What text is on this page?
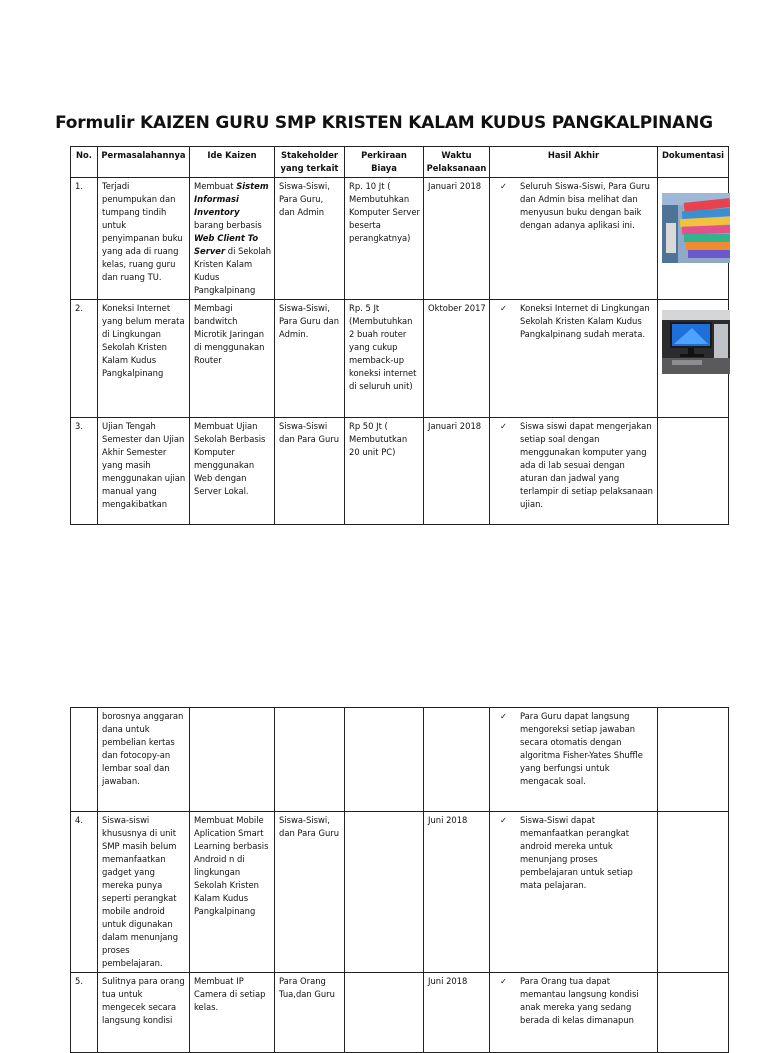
Formulir KAIZEN GURU SMP KRISTEN KALAM KUDUS PANGKALPINANG
No.	Permasalahannya	Ide Kaizen	Stakeholder yang terkait	Perkiraan Biaya	Waktu Pelaksanaan	Hasil Akhir	Dokumentasi
1.	Terjadi penumpukan dan tumpang tindih untuk penyimpanan buku yang ada di ruang kelas, ruang guru dan ruang TU.	Membuat Sistem Informasi Inventory barang berbasis Web Client To Server di Sekolah Kristen Kalam Kudus Pangkalpinang	Siswa-Siswi, Para Guru, dan Admin	Rp. 10 Jt ( Membutuhkan Komputer Server beserta perangkatnya)	Januari 2018	✓ Seluruh Siswa-Siswi, Para Guru dan Admin bisa melihat dan menyusun buku dengan baik dengan adanya aplikasi ini.

2.	Koneksi Internet yang belum merata di Lingkungan Sekolah Kristen Kalam Kudus Pangkalpinang	Membagi bandwitch Microtik Jaringan di menggunakan Router	Siswa-Siswi, Para Guru dan Admin.	Rp. 5 Jt (Membutuhkan 2 buah router yang cukup memback-up koneksi internet di seluruh unit)	Oktober 2017	✓ Koneksi Internet di Lingkungan Sekolah Kristen Kalam Kudus Pangkalpinang sudah merata.

3.	Ujian Tengah Semester dan Ujian Akhir Semester yang masih menggunakan ujian manual yang mengakibatkan	Membuat Ujian Sekolah Berbasis Komputer menggunakan Web dengan Server Lokal.	Siswa-Siswi dan Para Guru	Rp 50 Jt ( Membututkan 20 unit PC)	Januari 2018	✓ Siswa siswi dapat mengerjakan setiap soal dengan menggunakan komputer yang ada di lab sesuai dengan aturan dan jadwal yang terlampir di setiap pelaksanaan ujian.	

	borosnya anggaran dana untuk pembelian kertas dan fotocopy-an lembar soal dan jawaban.					✓ Para Guru dapat langsung mengoreksi setiap jawaban secara otomatis dengan algoritma Fisher-Yates Shuffle yang berfungsi untuk mengacak soal.	

4.	Siswa-siswi khususnya di unit SMP masih belum memanfaatkan gadget yang mereka punya seperti perangkat mobile android untuk digunakan dalam menunjang proses pembelajaran.	Membuat Mobile Aplication Smart Learning berbasis Android n di lingkungan Sekolah Kristen Kalam Kudus Pangkalpinang	Siswa-Siswi, dan Para Guru		Juni 2018	✓ Siswa-Siswi dapat memanfaatkan perangkat android mereka untuk menunjang proses pembelajaran untuk setiap mata pelajaran.	

5.	Sulitnya para orang tua untuk mengecek secara langsung kondisi	Membuat IP Camera di setiap kelas.	Para Orang Tua,dan Guru		Juni 2018	✓ Para Orang tua dapat memantau langsung kondisi anak mereka yang sedang berada di kelas dimanapun	
